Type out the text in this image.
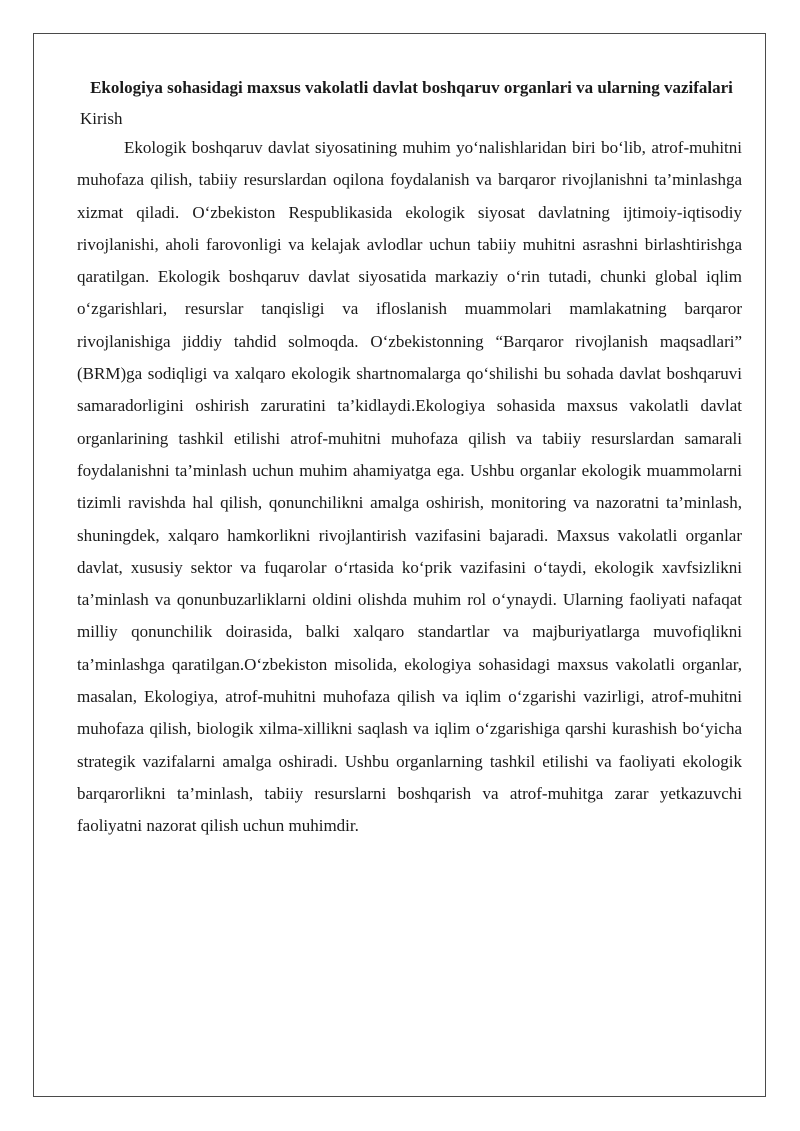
Ekologiya sohasidagi maxsus vakolatli davlat boshqaruv organlari va ularning vazifalari
Kirish

Ekologik boshqaruv davlat siyosatining muhim yo‘nalishlaridan biri bo‘lib, atrof-muhitni muhofaza qilish, tabiiy resurslardan oqilona foydalanish va barqaror rivojlanishni ta’minlashga xizmat qiladi. O‘zbekiston Respublikasida ekologik siyosat davlatning ijtimoiy-iqtisodiy rivojlanishi, aholi farovonligi va kelajak avlodlar uchun tabiiy muhitni asrashni birlashtirishga qaratilgan. Ekologik boshqaruv davlat siyosatida markaziy o‘rin tutadi, chunki global iqlim o‘zgarishlari, resurslar tanqisligi va ifloslanish muammolari mamlakatning barqaror rivojlanishiga jiddiy tahdid solmoqda. O‘zbekistonning “Barqaror rivojlanish maqsadlari” (BRM)ga sodiqligi va xalqaro ekologik shartnomalarga qo‘shilishi bu sohada davlat boshqaruvi samaradorligini oshirish zaruratini ta’kidlaydi.Ekologiya sohasida maxsus vakolatli davlat organlarining tashkil etilishi atrof-muhitni muhofaza qilish va tabiiy resurslardan samarali foydalanishni ta’minlash uchun muhim ahamiyatga ega. Ushbu organlar ekologik muammolarni tizimli ravishda hal qilish, qonunchilikni amalga oshirish, monitoring va nazoratni ta’minlash, shuningdek, xalqaro hamkorlikni rivojlantirish vazifasini bajaradi. Maxsus vakolatli organlar davlat, xususiy sektor va fuqarolar o‘rtasida ko‘prik vazifasini o‘taydi, ekologik xavfsizlikni ta’minlash va qonunbuzarliklarni oldini olishda muhim rol o‘ynaydi. Ularning faoliyati nafaqat milliy qonunchilik doirasida, balki xalqaro standartlar va majburiyatlarga muvofiqlikni ta’minlashga qaratilgan.O‘zbekiston misolida, ekologiya sohasidagi maxsus vakolatli organlar, masalan, Ekologiya, atrof-muhitni muhofaza qilish va iqlim o‘zgarishi vazirligi, atrof-muhitni muhofaza qilish, biologik xilma-xillikni saqlash va iqlim o‘zgarishiga qarshi kurashish bo‘yicha strategik vazifalarni amalga oshiradi. Ushbu organlarning tashkil etilishi va faoliyati ekologik barqarorlikni ta’minlash, tabiiy resurslarni boshqarish va atrof-muhitga zarar yetkazuvchi faoliyatni nazorat qilish uchun muhimdir.
